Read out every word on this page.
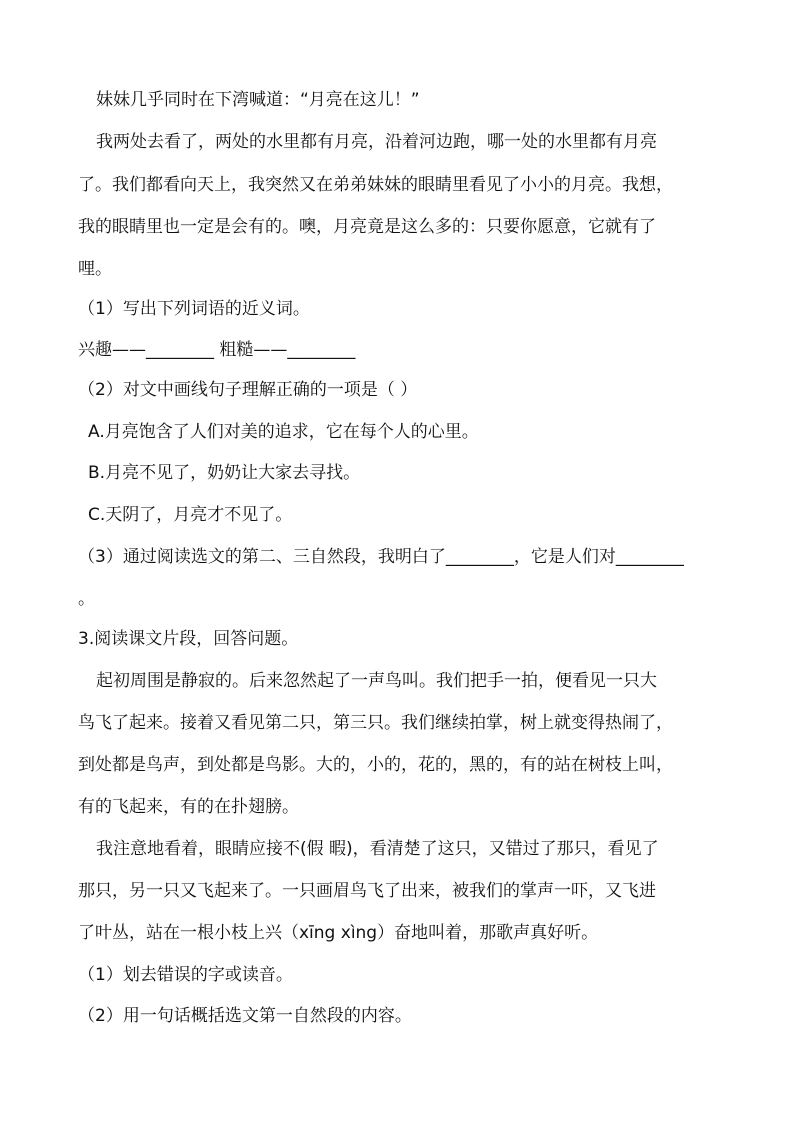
妹妹几乎同时在下湾喊道：“月亮在这儿！”
我两处去看了，两处的水里都有月亮，沿着河边跑，哪一处的水里都有月亮
了。我们都看向天上，我突然又在弟弟妹妹的眼睛里看见了小小的月亮。我想，
我的眼睛里也一定是会有的。噢，月亮竟是这么多的：只要你愿意，它就有了
哩。
（1）写出下列词语的近义词。
兴趣——________ 粗糙——________
（2）对文中画线句子理解正确的一项是（ ）
A.月亮饱含了人们对美的追求，它在每个人的心里。
B.月亮不见了，奶奶让大家去寻找。
C.天阴了，月亮才不见了。
（3）通过阅读选文的第二、三自然段，我明白了________，它是人们对________
。
3.阅读课文片段，回答问题。
起初周围是静寂的。后来忽然起了一声鸟叫。我们把手一拍，便看见一只大
鸟飞了起来。接着又看见第二只，第三只。我们继续拍掌，树上就变得热闹了，
到处都是鸟声，到处都是鸟影。大的，小的，花的，黑的，有的站在树枝上叫，
有的飞起来，有的在扑翅膀。
我注意地看着，眼睛应接不(假 暇)，看清楚了这只，又错过了那只，看见了
那只，另一只又飞起来了。一只画眉鸟飞了出来，被我们的掌声一吓，又飞进
了叶丛，站在一根小枝上兴（xīng xìng）奋地叫着，那歌声真好听。
（1）划去错误的字或读音。
（2）用一句话概括选文第一自然段的内容。
